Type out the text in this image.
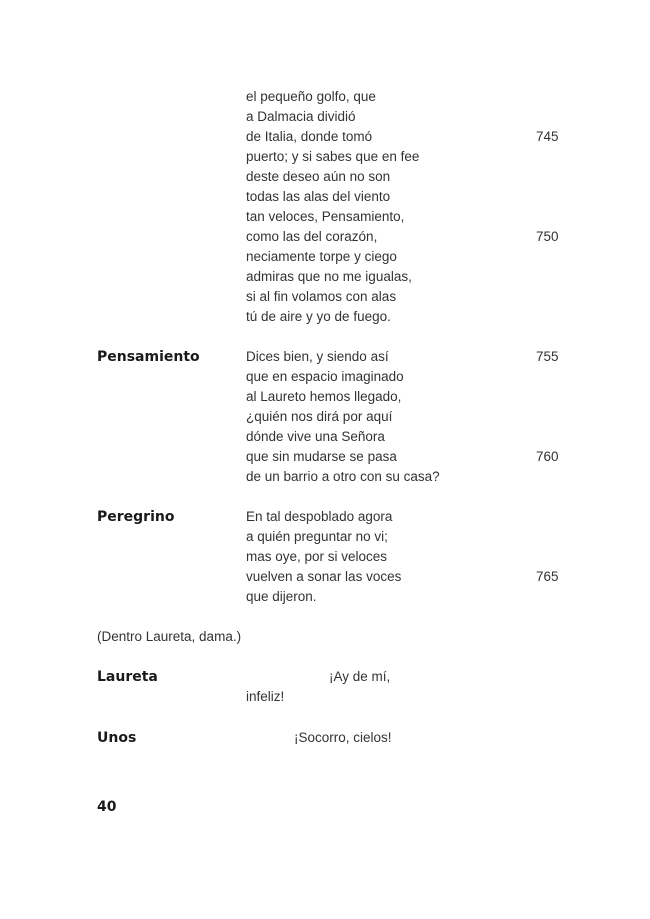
el pequeño golfo, que
a Dalmacia dividió
de Italia, donde tomó	745
puerto; y si sabes que en fee
deste deseo aún no son
todas las alas del viento
tan veloces, Pensamiento,
como las del corazón,	750
neciamente torpe y ciego
admiras que no me igualas,
si al fin volamos con alas
tú de aire y yo de fuego.
Pensamiento	Dices bien, y siendo así	755
que en espacio imaginado
al Laureto hemos llegado,
¿quién nos dirá por aquí
dónde vive una Señora
que sin mudarse se pasa	760
de un barrio a otro con su casa?
Peregrino	En tal despoblado agora
a quién preguntar no vi;
mas oye, por si veloces
vuelven a sonar las voces	765
que dijeron.
(Dentro Laureta, dama.)
Laureta	¡Ay de mí,
infeliz!
Unos	¡Socorro, cielos!
40
